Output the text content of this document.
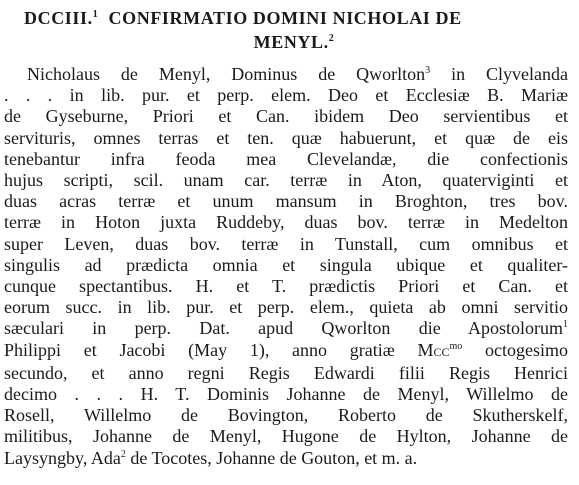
DCCIII.$^1$ CONFIRMATIO DOMINI NICHOLAI DE
MENYL.$^2$

Nicholaus de Menyl, Dominus de Qworlton$^3$ in Clyvelanda
. . . in lib. pur. et perp. elem. Deo et Ecclesiæ B. Mariæ
de Gyseburne, Priori et Can. ibidem Deo servientibus et
servituris, omnes terras et ten. quæ habuerunt, et quæ de eis
tenebantur infra feoda mea Clevelandæ, die confectionis
hujus scripti, scil. unam car. terræ in Aton, quaterviginti et
duas acras terræ et unum mansum in Broghton, tres bov.
terræ in Hoton juxta Ruddeby, duas bov. terræ in Medelton
super Leven, duas bov. terræ in Tunstall, cum omnibus et
singulis ad prædicta omnia et singula ubique et qualiter-
cunque spectantibus. H. et T. prædictis Priori et Can. et
eorum succ. in lib. pur. et perp. elem., quieta ab omni servitio
sæculari in perp. Dat. apud Qworlton die Apostolorum$^1$
Philippi et Jacobi (May 1), anno gratiæ MCC$^{mo}$ octogesimo
secundo, et anno regni Regis Edwardi filii Regis Henrici
decimo . . . H. T. Dominis Johanne de Menyl, Willelmo de
Rosell, Willelmo de Bovington, Roberto de Skutherskelf,
militibus, Johanne de Menyl, Hugone de Hylton, Johanne de
Laysyngby, Ada$^2$ de Tocotes, Johanne de Gouton, et m. a.
